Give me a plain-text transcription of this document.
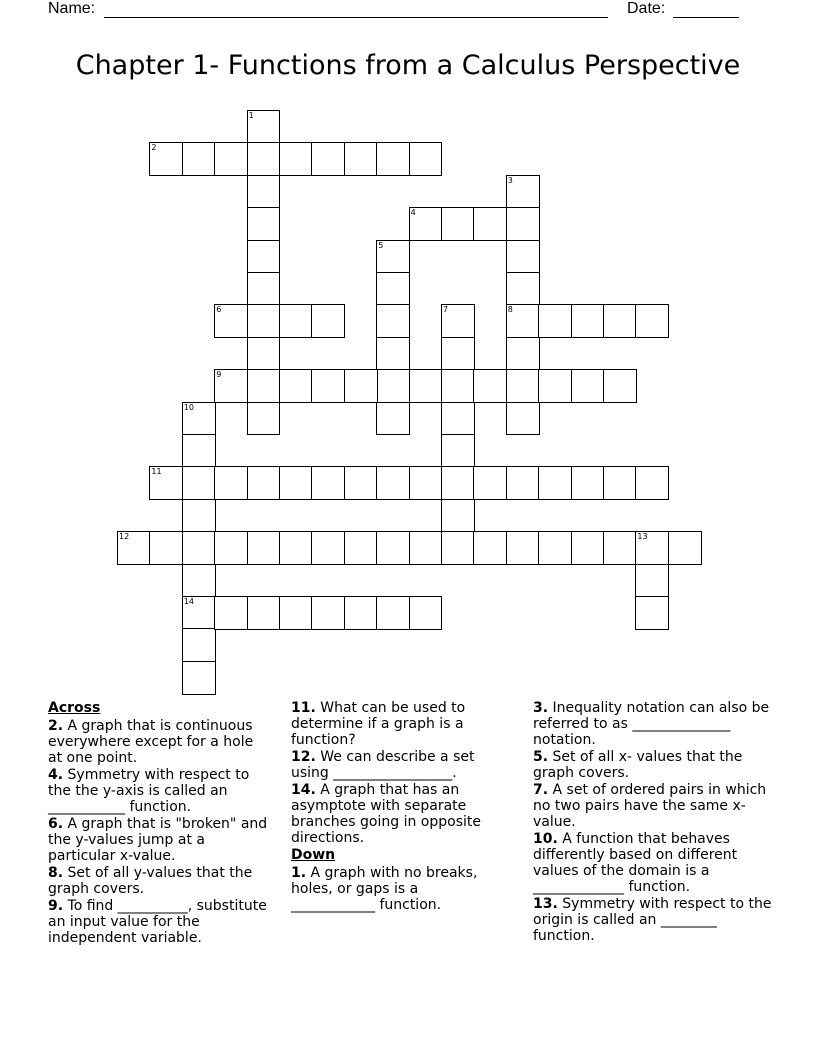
Name:	Date:
Chapter 1- Functions from a Calculus Perspective
1
2
3
8
4
5
6	7
9
10
14
11
12	13
Across
2. A graph that is continuous everywhere except for a hole at one point.
4. Symmetry with respect to the the y-axis is called an ___________ function.
6. A graph that is "broken" and the y-values jump at a particular x-value.
8. Set of all y-values that the graph covers.
9. To find __________, substitute an input value for the independent variable.
11. What can be used to determine if a graph is a function?
12. We can describe a set using _________________.
14. A graph that has an asymptote with separate branches going in opposite directions.
Down
1. A graph with no breaks, holes, or gaps is a ____________ function.
3. Inequality notation can also be referred to as ______________ notation.
5. Set of all x- values that the graph covers.
7. A set of ordered pairs in which no two pairs have the same x- value.
10. A function that behaves differently based on different values of the domain is a _____________ function.
13. Symmetry with respect to the origin is called an ________ function.
